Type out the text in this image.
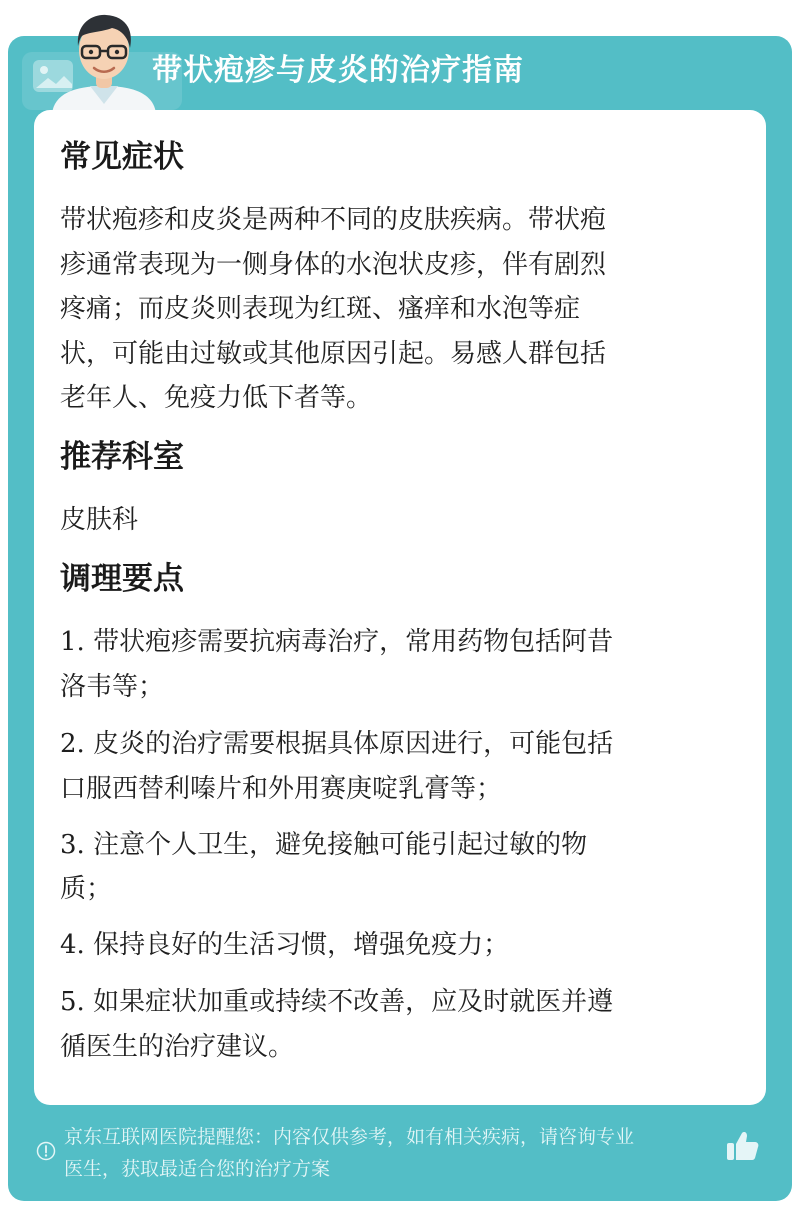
带状疱疹与皮炎的治疗指南
常见症状
带状疱疹和皮炎是两种不同的皮肤疾病。带状疱
疹通常表现为一侧身体的水泡状皮疹，伴有剧烈
疼痛；而皮炎则表现为红斑、瘙痒和水泡等症
状，可能由过敏或其他原因引起。易感人群包括
老年人、免疫力低下者等。
推荐科室
皮肤科
调理要点
1. 带状疱疹需要抗病毒治疗，常用药物包括阿昔
洛韦等；
2. 皮炎的治疗需要根据具体原因进行，可能包括
口服西替利嗪片和外用赛庚啶乳膏等；
3. 注意个人卫生，避免接触可能引起过敏的物
质；
4. 保持良好的生活习惯，增强免疫力；
5. 如果症状加重或持续不改善，应及时就医并遵
循医生的治疗建议。
京东互联网医院提醒您：内容仅供参考，如有相关疾病，请咨询专业
医生，获取最适合您的治疗方案
